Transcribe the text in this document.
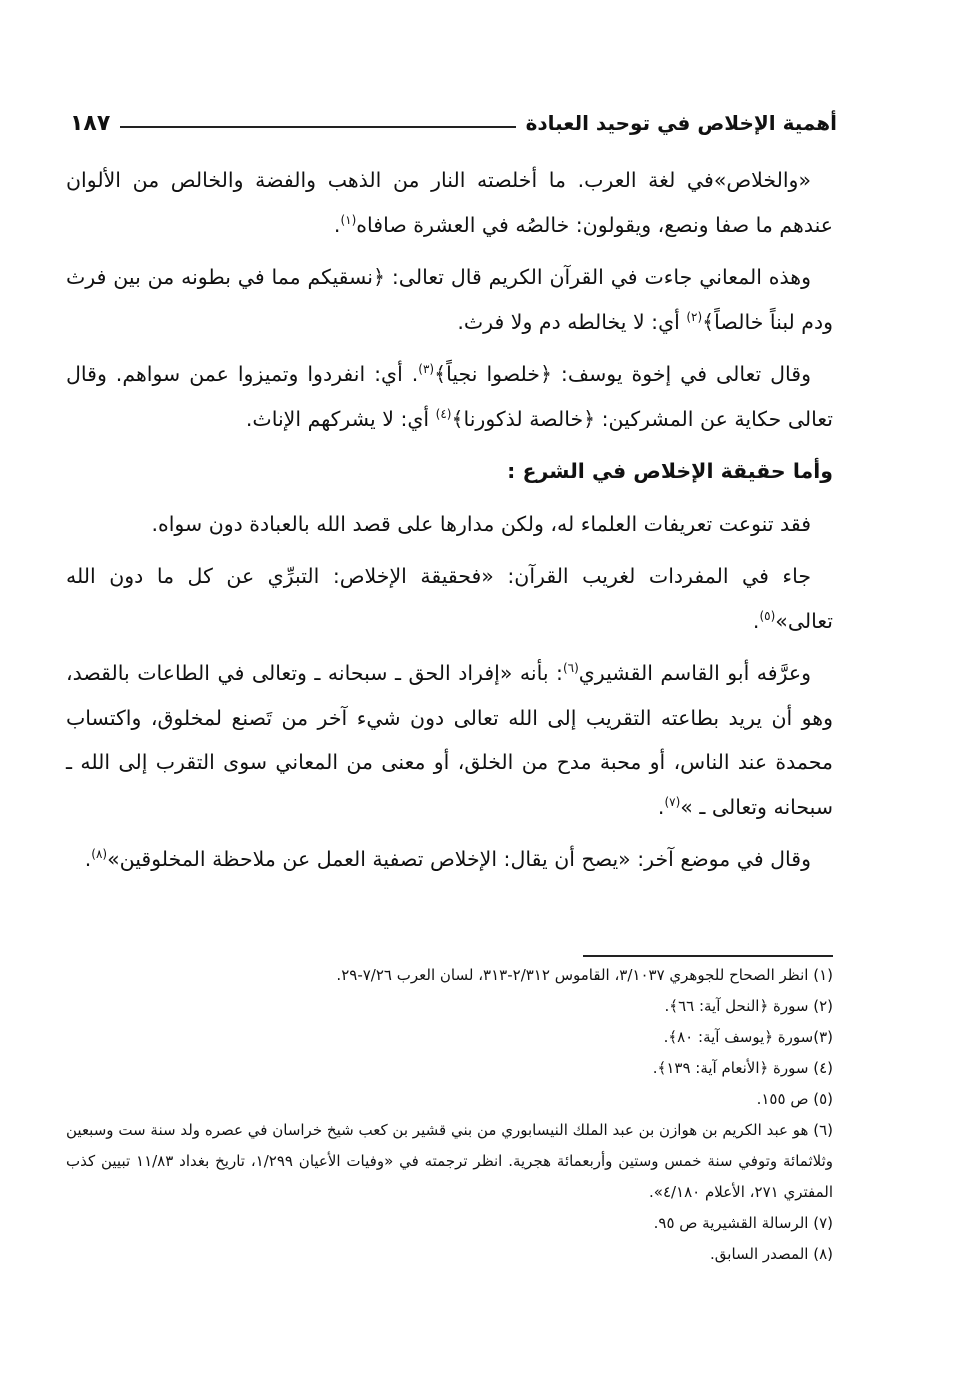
أهمية الإخلاص في توحيد العبادة
١٨٧

«والخلاص»في لغة العرب. ما أخلصته النار من الذهب والفضة والخالص من الألوان عندهم ما صفا ونصع، ويقولون: خالصُه في العشرة صافاه$^{(١)}$.

وهذه المعاني جاءت في القرآن الكريم قال تعالى: ﴿نسقيكم مما في بطونه من بين فرث ودم لبناً خالصاً﴾$^{(٢)}$ أي: لا يخالطه دم ولا فرث.

وقال تعالى في إخوة يوسف: ﴿خلصوا نجياً﴾$^{(٣)}$. أي: انفردوا وتميزوا عمن سواهم. وقال تعالى حكاية عن المشركين: ﴿خالصة لذكورنا﴾$^{(٤)}$ أي: لا يشركهم الإناث.

وأما حقيقة الإخلاص في الشرع :

فقد تنوعت تعريفات العلماء له، ولكن مدارها على قصد الله بالعبادة دون سواه.

جاء في المفردات لغريب القرآن: «فحقيقة الإخلاص: التبرِّي عن كل ما دون الله تعالى»$^{(٥)}$.

وعرَّفه أبو القاسم القشيري$^{(٦)}$: بأنه «إفراد الحق ـ سبحانه ـ وتعالى في الطاعات بالقصد، وهو أن يريد بطاعته التقريب إلى الله تعالى دون شيء آخر من تَصنع لمخلوق، واكتساب محمدة عند الناس، أو محبة مدح من الخلق، أو معنى من المعاني سوى التقرب إلى الله ـ سبحانه وتعالى ـ »$^{(٧)}$.

وقال في موضع آخر: «يصح أن يقال: الإخلاص تصفية العمل عن ملاحظة المخلوقين»$^{(٨)}$.

(١) انظر الصحاح للجوهري ٣/١٠٣٧، القاموس ٢/٣١٢-٣١٣، لسان العرب ٧/٢٦-٢٩.

(٢) سورة ﴿النحل آية: ٦٦﴾.

(٣)سورة ﴿يوسف آية: ٨٠﴾.

(٤) سورة ﴿الأنعام آية: ١٣٩﴾.

(٥) ص ١٥٥.

(٦) هو عبد الكريم بن هوازن بن عبد الملك النيسابوري من بني قشير بن كعب شيخ خراسان في عصره ولد سنة ست وسبعين وثلاثمائة وتوفي سنة خمس وستين وأربعمائة هجرية. انظر ترجمته في «وفيات الأعيان ١/٢٩٩، تاريخ بغداد ١١/٨٣ تبيين كذب المفتري ٢٧١، الأعلام ٤/١٨٠».

(٧) الرسالة القشيرية ص ٩٥.

(٨) المصدر السابق.
